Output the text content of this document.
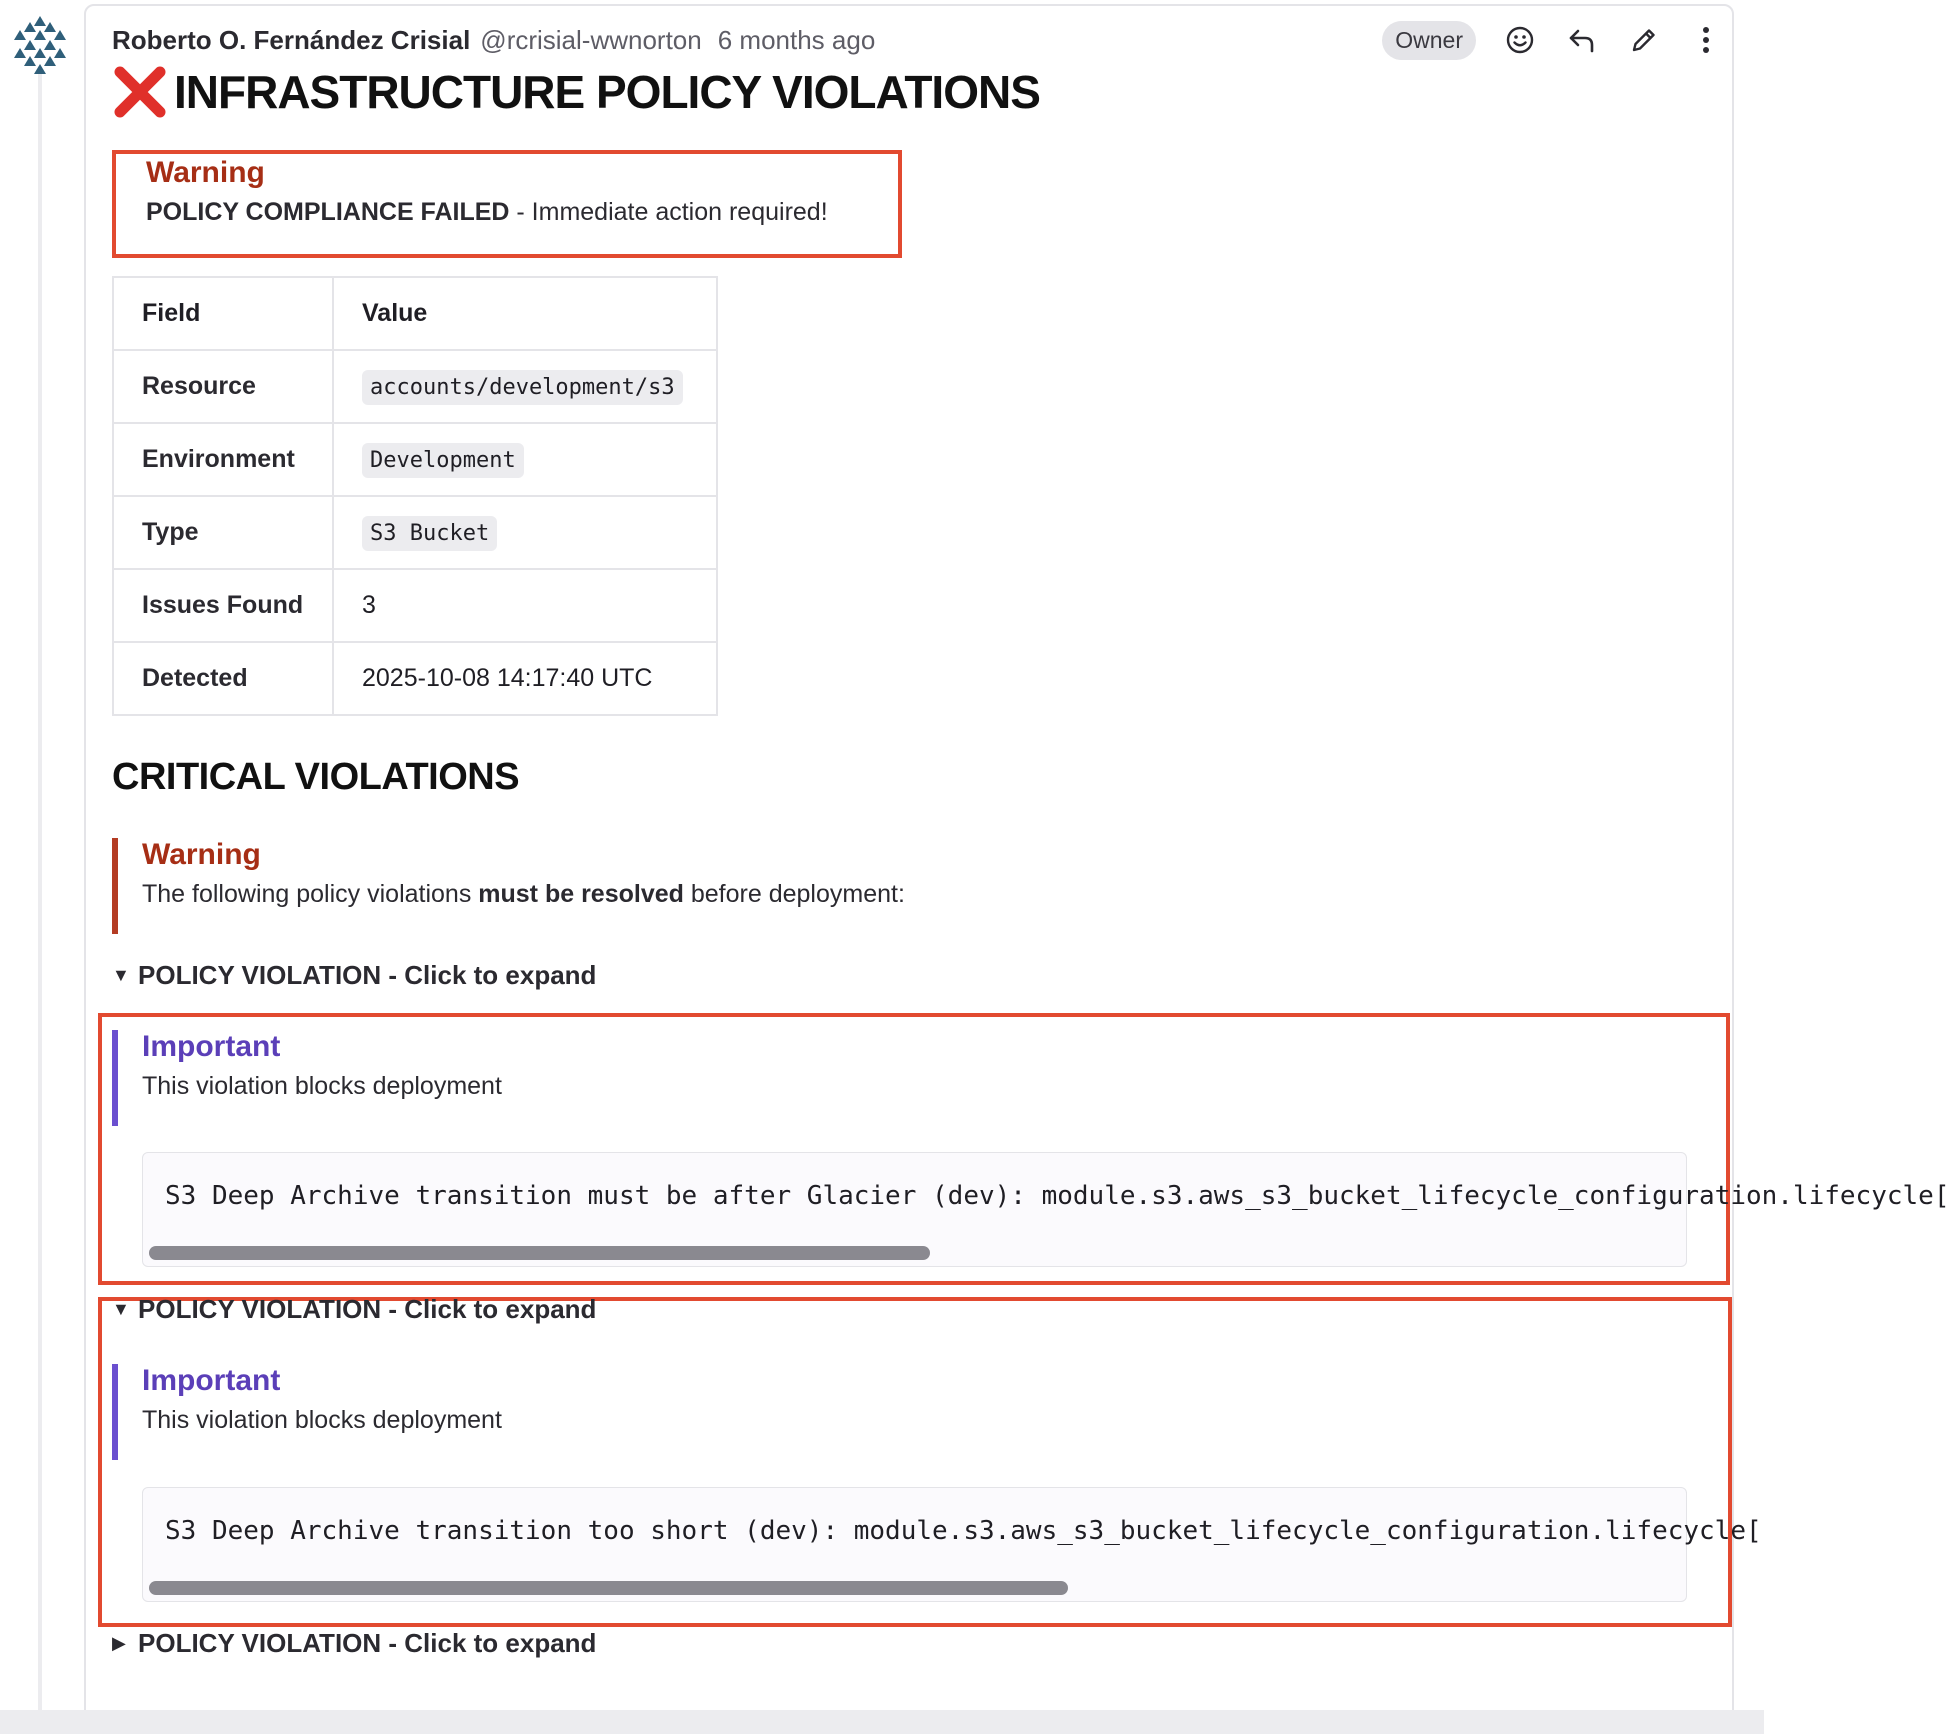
Roberto O. Fernández Crisial @rcrisial-wwnorton 6 months ago	Owner
INFRASTRUCTURE POLICY VIOLATIONS
Warning
POLICY COMPLIANCE FAILED - Immediate action required!
Field	Value
Resource	accounts/development/s3
Environment	Development
Type	S3 Bucket
Issues Found	3
Detected	2025-10-08 14:17:40 UTC
CRITICAL VIOLATIONS
Warning
The following policy violations must be resolved before deployment:
▼ POLICY VIOLATION - Click to expand
Important
This violation blocks deployment
S3 Deep Archive transition must be after Glacier (dev): module.s3.aws_s3_bucket_lifecycle_configuration.lifecycle[
▼ POLICY VIOLATION - Click to expand
Important
This violation blocks deployment
S3 Deep Archive transition too short (dev): module.s3.aws_s3_bucket_lifecycle_configuration.lifecycle[
▶ POLICY VIOLATION - Click to expand
